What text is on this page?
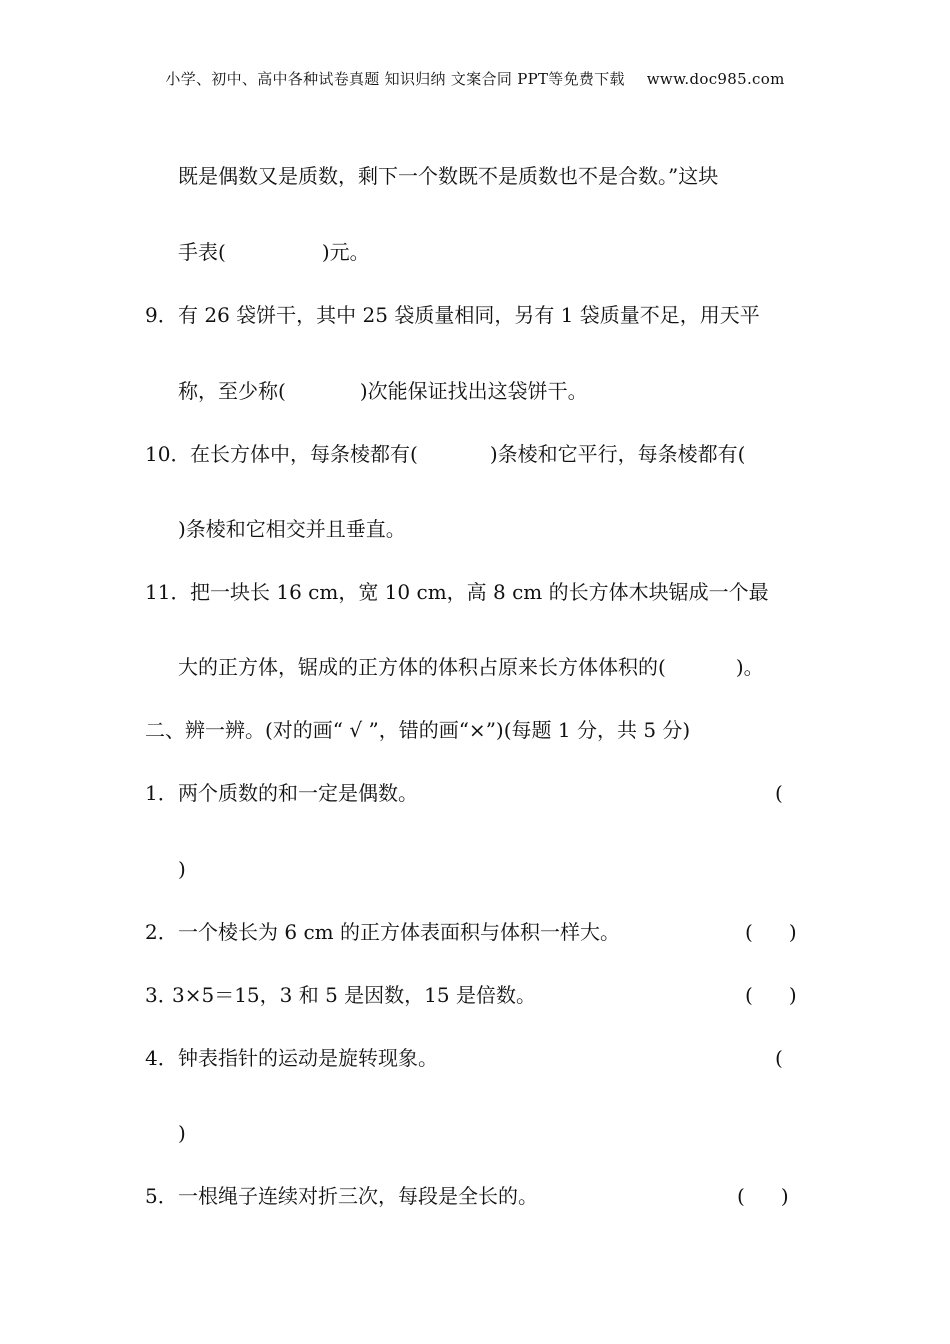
小学、初中、高中各种试卷真题 知识归纳 文案合同 PPT等免费下载 www.doc985.com
既是偶数又是质数，剩下一个数既不是质数也不是合数。”这块
手表(	)元。
9． 有 26 袋饼干，其中 25 袋质量相同，另有 1 袋质量不足，用天平
称，至少称(	)次能保证找出这袋饼干。
10． 在长方体中，每条棱都有(	)条棱和它平行，每条棱都有(
)条棱和它相交并且垂直。
11． 把一块长 16 cm，宽 10 cm，高 8 cm 的长方体木块锯成一个最
大的正方体，锯成的正方体的体积占原来长方体体积的(	)。
二、辨一辨。(对的画“ √ ”，错的画“×”)(每题 1 分，共 5 分)
1． 两个质数的和一定是偶数。	(
)
2． 一个棱长为 6 cm 的正方体表面积与体积一样大。	( )
3．
3×5＝15，3 和 5 是因数，15 是倍数。	( )
4． 钟表指针的运动是旋转现象。	(
)
5． 一根绳子连续对折三次，每段是全长的。	( )
